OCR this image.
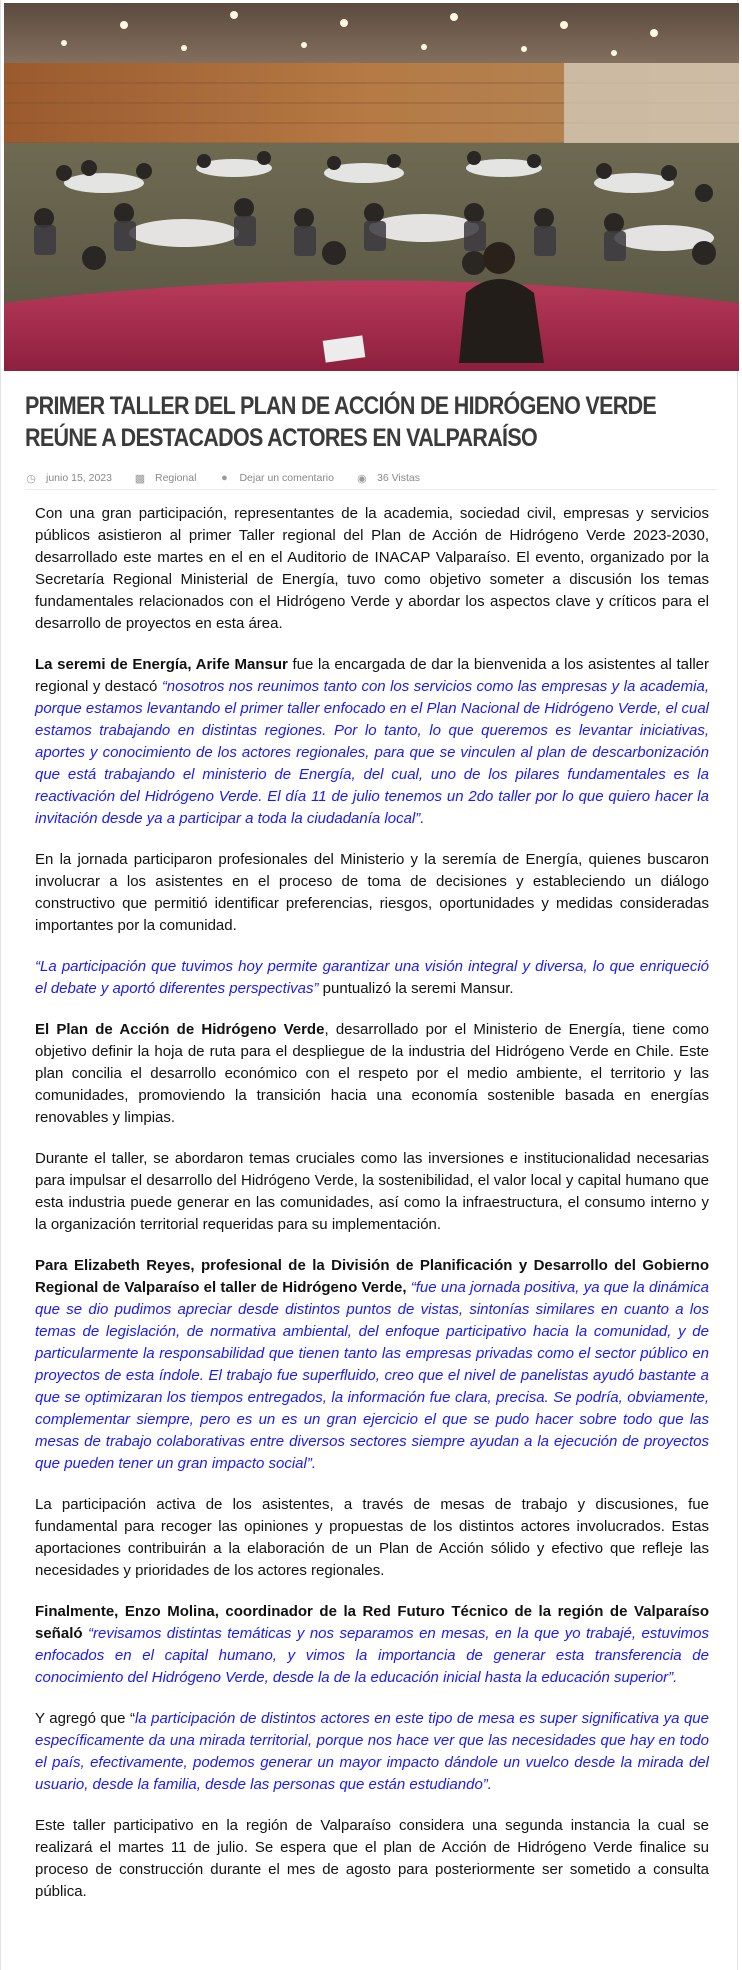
PRIMER TALLER DEL PLAN DE ACCIÓN DE HIDRÓGENO VERDE REÚNE A DESTACADOS ACTORES EN VALPARAÍSO
◷ junio 15, 2023 ▩ Regional ● Dejar un comentario ◉ 36 Vistas

Con una gran participación, representantes de la academia, sociedad civil, empresas y servicios públicos asistieron al primer Taller regional del Plan de Acción de Hidrógeno Verde 2023-2030, desarrollado este martes en el en el Auditorio de INACAP Valparaíso. El evento, organizado por la Secretaría Regional Ministerial de Energía, tuvo como objetivo someter a discusión los temas fundamentales relacionados con el Hidrógeno Verde y abordar los aspectos clave y críticos para el desarrollo de proyectos en esta área.

La seremi de Energía, Arife Mansur fue la encargada de dar la bienvenida a los asistentes al taller regional y destacó “nosotros nos reunimos tanto con los servicios como las empresas y la academia, porque estamos levantando el primer taller enfocado en el Plan Nacional de Hidrógeno Verde, el cual estamos trabajando en distintas regiones. Por lo tanto, lo que queremos es levantar iniciativas, aportes y conocimiento de los actores regionales, para que se vinculen al plan de descarbonización que está trabajando el ministerio de Energía, del cual, uno de los pilares fundamentales es la reactivación del Hidrógeno Verde. El día 11 de julio tenemos un 2do taller por lo que quiero hacer la invitación desde ya a participar a toda la ciudadanía local”.

En la jornada participaron profesionales del Ministerio y la seremía de Energía, quienes buscaron involucrar a los asistentes en el proceso de toma de decisiones y estableciendo un diálogo constructivo que permitió identificar preferencias, riesgos, oportunidades y medidas consideradas importantes por la comunidad.

“La participación que tuvimos hoy permite garantizar una visión integral y diversa, lo que enriqueció el debate y aportó diferentes perspectivas” puntualizó la seremi Mansur.

El Plan de Acción de Hidrógeno Verde, desarrollado por el Ministerio de Energía, tiene como objetivo definir la hoja de ruta para el despliegue de la industria del Hidrógeno Verde en Chile. Este plan concilia el desarrollo económico con el respeto por el medio ambiente, el territorio y las comunidades, promoviendo la transición hacia una economía sostenible basada en energías renovables y limpias.

Durante el taller, se abordaron temas cruciales como las inversiones e institucionalidad necesarias para impulsar el desarrollo del Hidrógeno Verde, la sostenibilidad, el valor local y capital humano que esta industria puede generar en las comunidades, así como la infraestructura, el consumo interno y la organización territorial requeridas para su implementación.

Para Elizabeth Reyes, profesional de la División de Planificación y Desarrollo del Gobierno Regional de Valparaíso el taller de Hidrógeno Verde, “fue una jornada positiva, ya que la dinámica que se dio pudimos apreciar desde distintos puntos de vistas, sintonías similares en cuanto a los temas de legislación, de normativa ambiental, del enfoque participativo hacia la comunidad, y de particularmente la responsabilidad que tienen tanto las empresas privadas como el sector público en proyectos de esta índole. El trabajo fue superfluido, creo que el nivel de panelistas ayudó bastante a que se optimizaran los tiempos entregados, la información fue clara, precisa. Se podría, obviamente, complementar siempre, pero es un es un gran ejercicio el que se pudo hacer sobre todo que las mesas de trabajo colaborativas entre diversos sectores siempre ayudan a la ejecución de proyectos que pueden tener un gran impacto social”.

La participación activa de los asistentes, a través de mesas de trabajo y discusiones, fue fundamental para recoger las opiniones y propuestas de los distintos actores involucrados. Estas aportaciones contribuirán a la elaboración de un Plan de Acción sólido y efectivo que refleje las necesidades y prioridades de los actores regionales.

Finalmente, Enzo Molina, coordinador de la Red Futuro Técnico de la región de Valparaíso señaló “revisamos distintas temáticas y nos separamos en mesas, en la que yo trabajé, estuvimos enfocados en el capital humano, y vimos la importancia de generar esta transferencia de conocimiento del Hidrógeno Verde, desde la de la educación inicial hasta la educación superior”.

Y agregó que “la participación de distintos actores en este tipo de mesa es super significativa ya que específicamente da una mirada territorial, porque nos hace ver que las necesidades que hay en todo el país, efectivamente, podemos generar un mayor impacto dándole un vuelco desde la mirada del usuario, desde la familia, desde las personas que están estudiando”.

Este taller participativo en la región de Valparaíso considera una segunda instancia la cual se realizará el martes 11 de julio. Se espera que el plan de Acción de Hidrógeno Verde finalice su proceso de construcción durante el mes de agosto para posteriormente ser sometido a consulta pública.
